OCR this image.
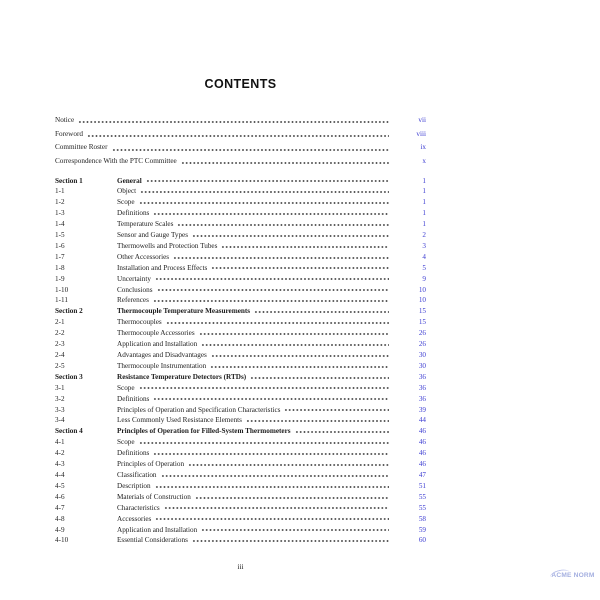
CONTENTS
Notice	vii
Foreword	viii
Committee Roster	ix
Correspondence With the PTC Committee	x
Section 1	General	1
1-1	Object	1
1-2	Scope	1
1-3	Definitions	1
1-4	Temperature Scales	1
1-5	Sensor and Gauge Types	2
1-6	Thermowells and Protection Tubes	3
1-7	Other Accessories	4
1-8	Installation and Process Effects	5
1-9	Uncertainty	9
1-10	Conclusions	10
1-11	References	10
Section 2	Thermocouple Temperature Measurements	15
2-1	Thermocouples	15
2-2	Thermocouple Accessories	26
2-3	Application and Installation	26
2-4	Advantages and Disadvantages	30
2-5	Thermocouple Instrumentation	30
Section 3	Resistance Temperature Detectors (RTDs)	36
3-1	Scope	36
3-2	Definitions	36
3-3	Principles of Operation and Specification Characteristics	39
3-4	Less Commonly Used Resistance Elements	44
Section 4	Principles of Operation for Filled-System Thermometers	46
4-1	Scope	46
4-2	Definitions	46
4-3	Principles of Operation	46
4-4	Classification	47
4-5	Description	51
4-6	Materials of Construction	55
4-7	Characteristics	55
4-8	Accessories	58
4-9	Application and Installation	59
4-10	Essential Considerations	60
iii
ACME NORM
